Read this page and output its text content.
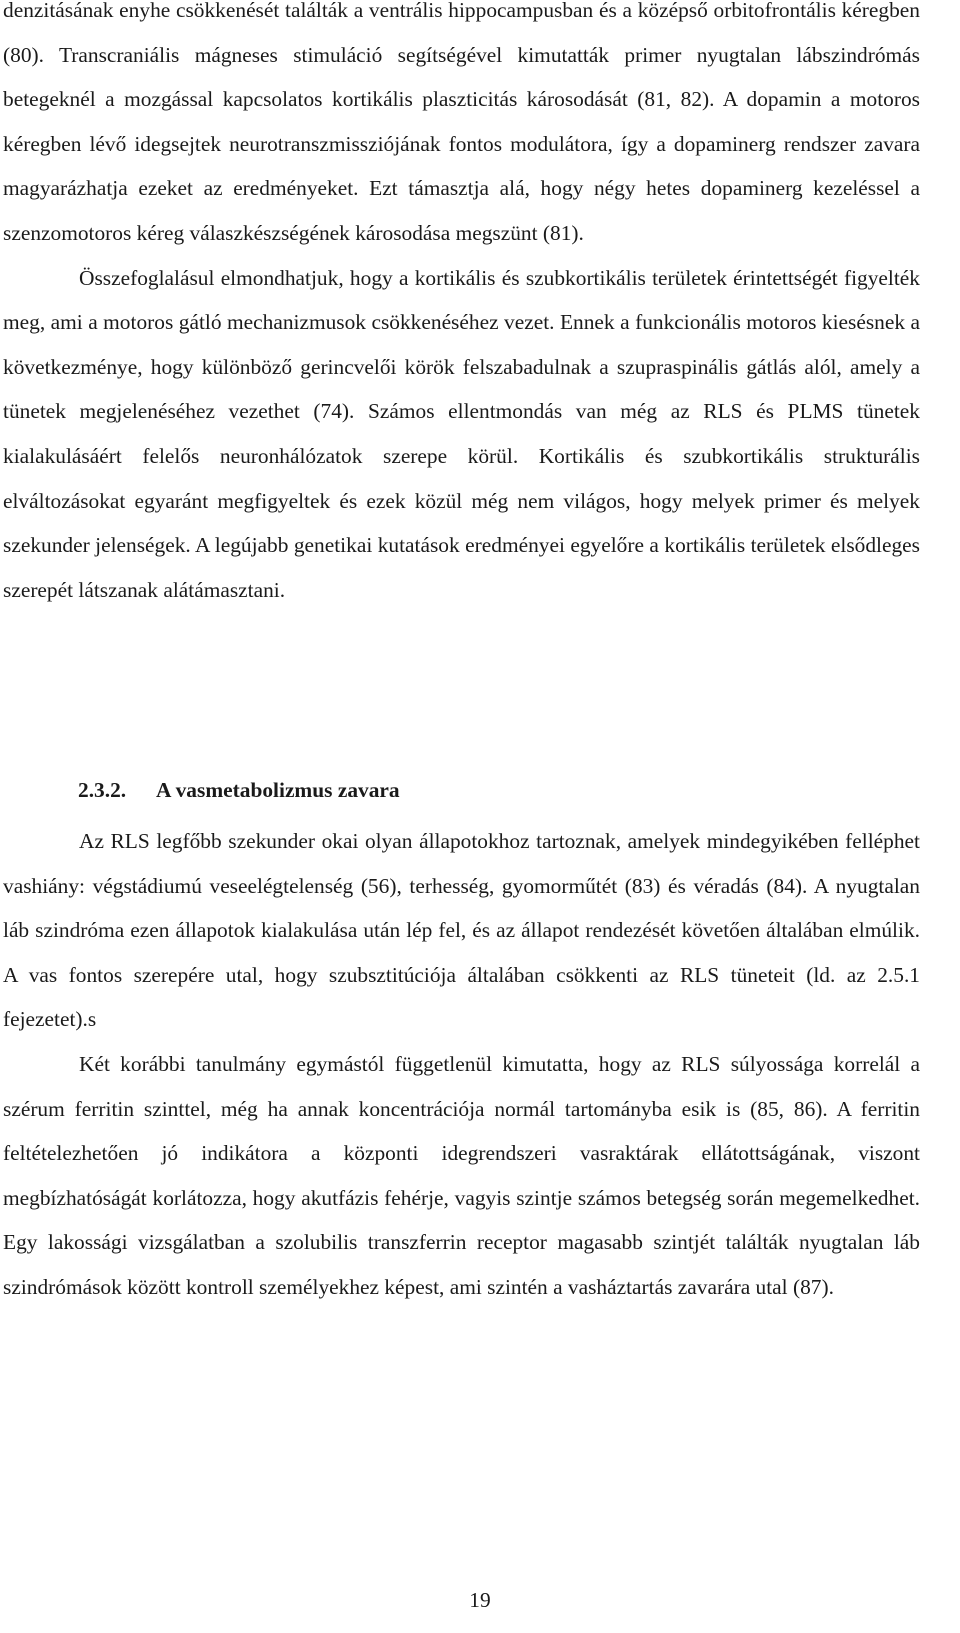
denzitásának enyhe csökkenését találták a ventrális hippocampusban és a középső orbitofrontális kéregben (80). Transcraniális mágneses stimuláció segítségével kimutatták primer nyugtalan lábszindrómás betegeknél a mozgással kapcsolatos kortikális plaszticitás károsodását (81, 82). A dopamin a motoros kéregben lévő idegsejtek neurotranszmissziójának fontos modulátora, így a dopaminerg rendszer zavara magyarázhatja ezeket az eredményeket. Ezt támasztja alá, hogy négy hetes dopaminerg kezeléssel a szenzomotoros kéreg válaszkészségének károsodása megszünt (81).

Összefoglalásul elmondhatjuk, hogy a kortikális és szubkortikális területek érintettségét figyelték meg, ami a motoros gátló mechanizmusok csökkenéséhez vezet. Ennek a funkcionális motoros kiesésnek a következménye, hogy különböző gerincvelői körök felszabadulnak a szupraspinális gátlás alól, amely a tünetek megjelenéséhez vezethet (74). Számos ellentmondás van még az RLS és PLMS tünetek kialakulásáért felelős neuronhálózatok szerepe körül. Kortikális és szubkortikális strukturális elváltozásokat egyaránt megfigyeltek és ezek közül még nem világos, hogy melyek primer és melyek szekunder jelenségek. A legújabb genetikai kutatások eredményei egyelőre a kortikális területek elsődleges szerepét látszanak alátámasztani.

2.3.2. A vasmetabolizmus zavara

Az RLS legfőbb szekunder okai olyan állapotokhoz tartoznak, amelyek mindegyikében felléphet vashiány: végstádiumú veseelégtelenség (56), terhesség, gyomorműtét (83) és véradás (84). A nyugtalan láb szindróma ezen állapotok kialakulása után lép fel, és az állapot rendezését követően általában elmúlik. A vas fontos szerepére utal, hogy szubsztitúciója általában csökkenti az RLS tüneteit (ld. az 2.5.1 fejezetet).s

Két korábbi tanulmány egymástól függetlenül kimutatta, hogy az RLS súlyossága korrelál a szérum ferritin szinttel, még ha annak koncentrációja normál tartományba esik is (85, 86). A ferritin feltételezhetően jó indikátora a központi idegrendszeri vasraktárak ellátottságának, viszont megbízhatóságát korlátozza, hogy akutfázis fehérje, vagyis szintje számos betegség során megemelkedhet. Egy lakossági vizsgálatban a szolubilis transzferrin receptor magasabb szintjét találták nyugtalan láb szindrómások között kontroll személyekhez képest, ami szintén a vasháztartás zavarára utal (87).

19
